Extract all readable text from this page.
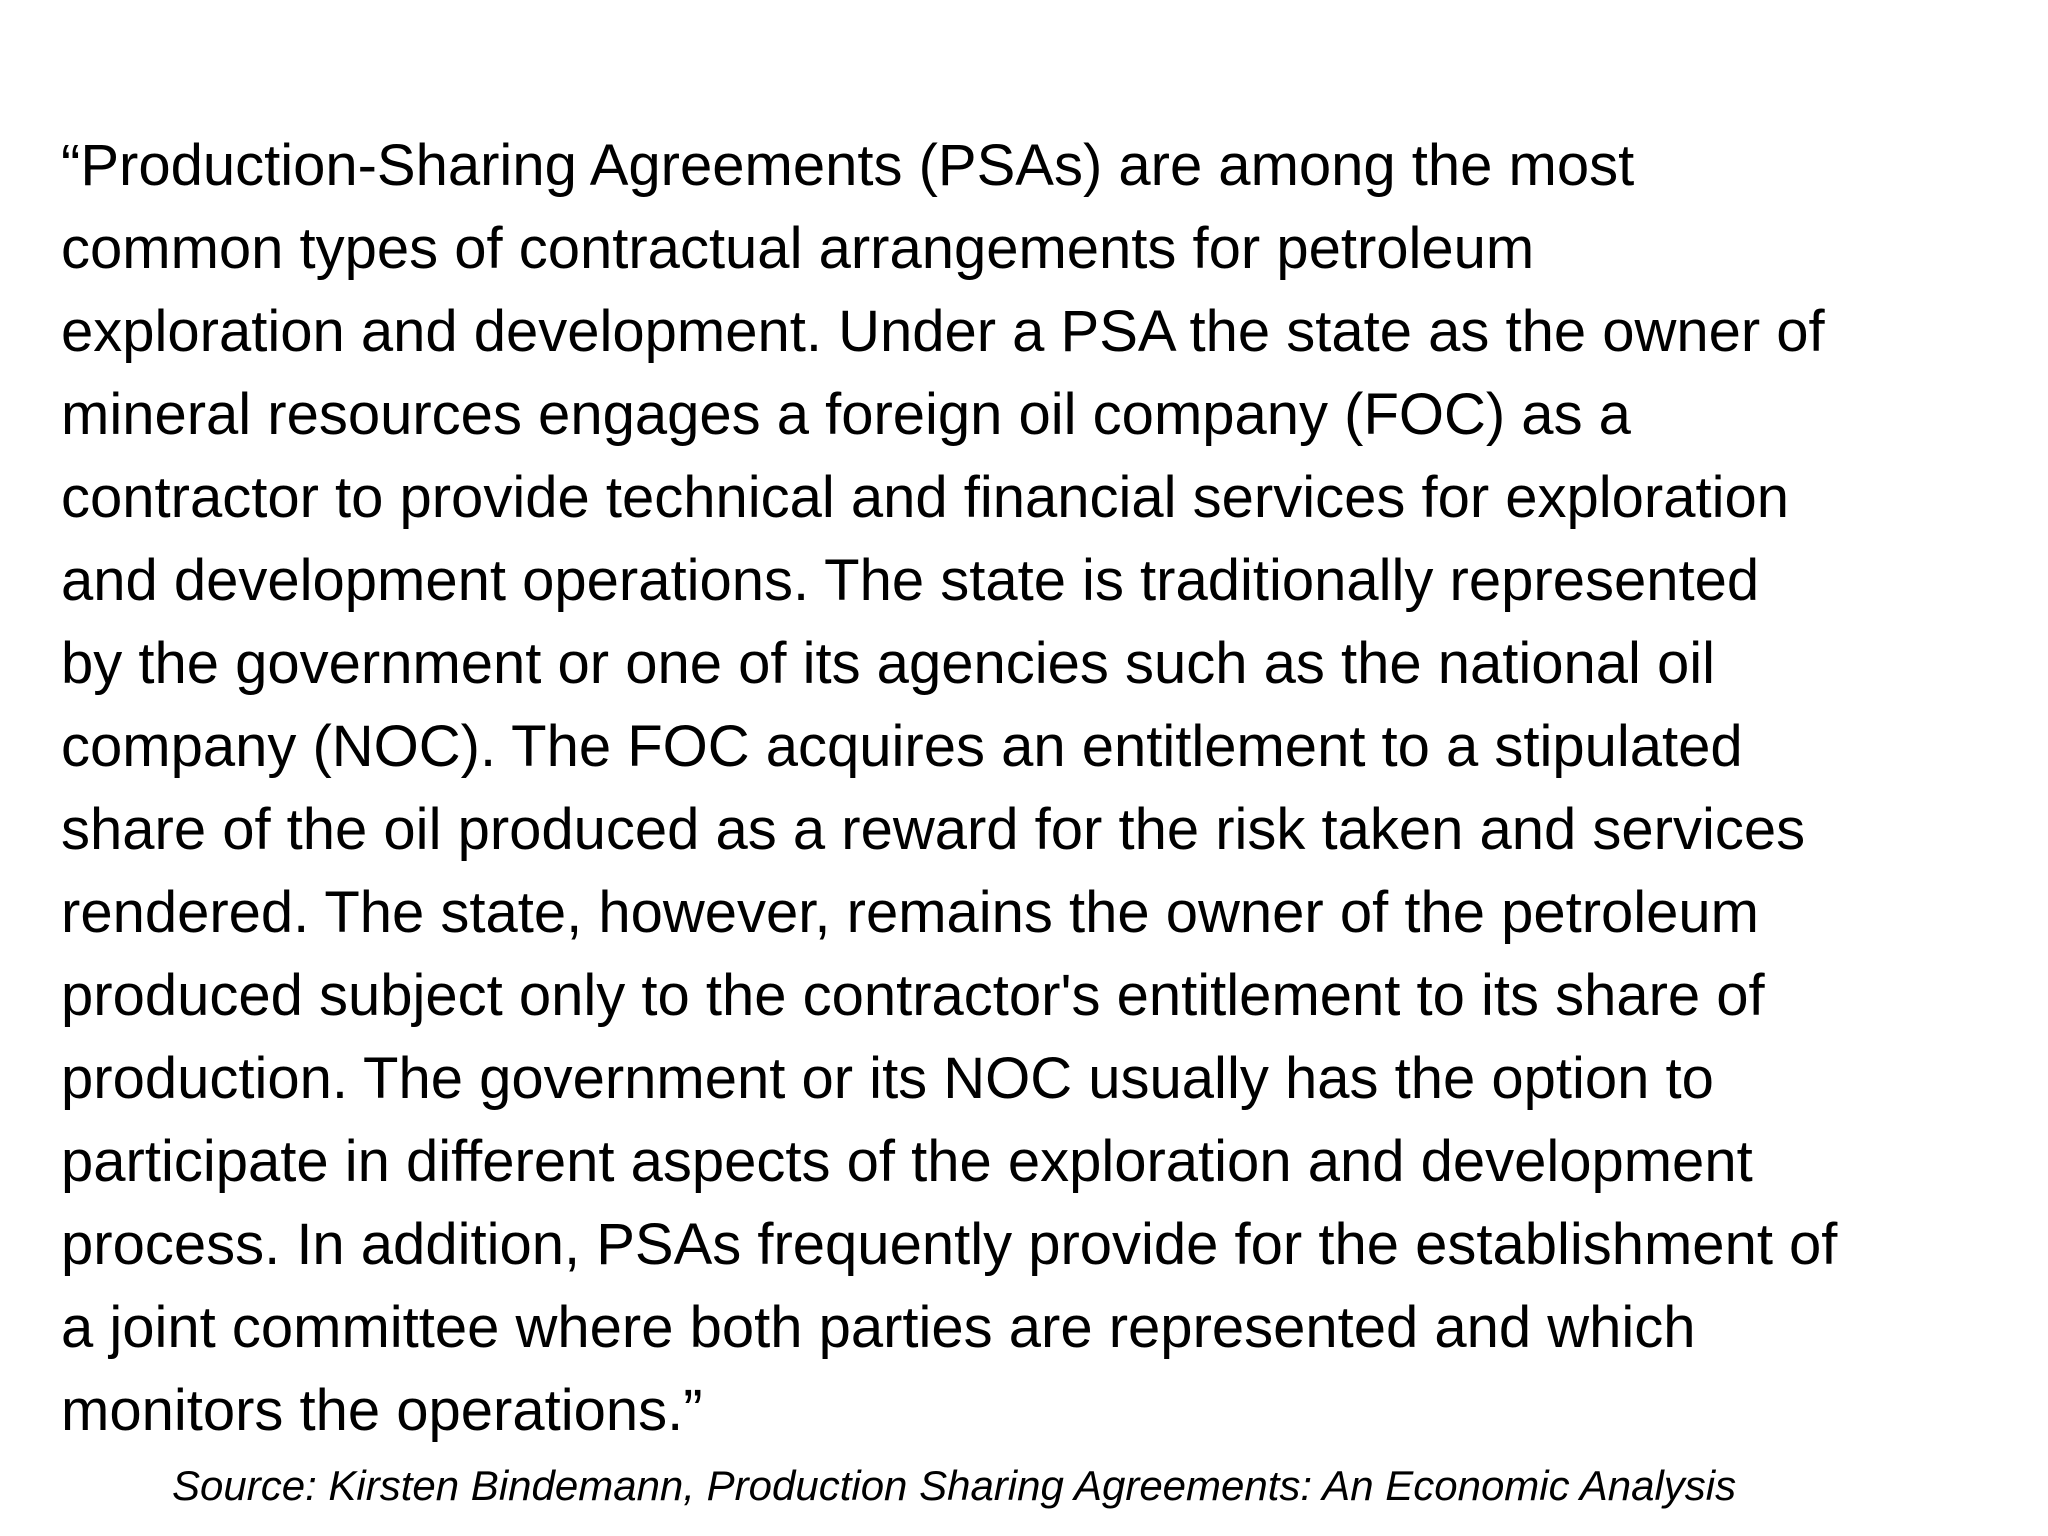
“Production-Sharing Agreements (PSAs) are among the most
common types of contractual arrangements for petroleum
exploration and development. Under a PSA the state as the owner of
mineral resources engages a foreign oil company (FOC) as a
contractor to provide technical and financial services for exploration
and development operations. The state is traditionally represented
by the government or one of its agencies such as the national oil
company (NOC). The FOC acquires an entitlement to a stipulated
share of the oil produced as a reward for the risk taken and services
rendered. The state, however, remains the owner of the petroleum
produced subject only to the contractor's entitlement to its share of
production. The government or its NOC usually has the option to
participate in different aspects of the exploration and development
process. In addition, PSAs frequently provide for the establishment of
a joint committee where both parties are represented and which
monitors the operations.”

Source: Kirsten Bindemann, Production Sharing Agreements: An Economic Analysis
